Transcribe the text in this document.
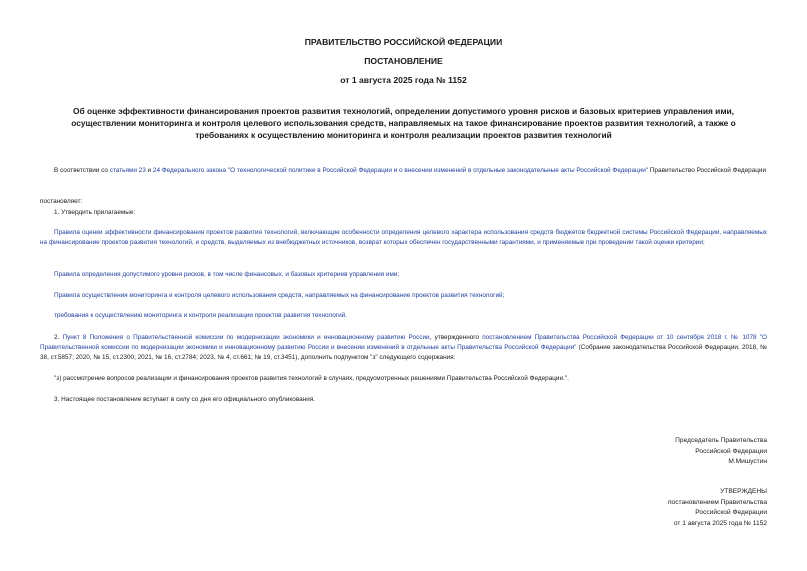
ПРАВИТЕЛЬСТВО РОССИЙСКОЙ ФЕДЕРАЦИИ
ПОСТАНОВЛЕНИЕ
от 1 августа 2025 года № 1152
Об оценке эффективности финансирования проектов развития технологий, определении допустимого уровня рисков и базовых критериев управления ими,
осуществлении мониторинга и контроля целевого использования средств, направляемых на такое финансирование проектов развития технологий, а также о
требованиях к осуществлению мониторинга и контроля реализации проектов развития технологий
В соответствии со статьями 23 и 24 Федерального закона "О технологической политике в Российской Федерации и о внесении изменений в отдельные законодательные акты Российской Федерации" Правительство Российской Федерации
постановляет:
1. Утвердить прилагаемые:
Правила оценки эффективности финансирования проектов развития технологий, включающие особенности определения целевого характера использования средств бюджетов бюджетной системы Российской Федерации, направляемых на финансирование проектов развития технологий, и средств, выделяемых из внебюджетных источников, возврат которых обеспечен государственными гарантиями, и применяемые при проведении такой оценки критерии;
Правила определения допустимого уровня рисков, в том числе финансовых, и базовых критериев управления ими;
Правила осуществления мониторинга и контроля целевого использования средств, направляемых на финансирование проектов развития технологий;
требования к осуществлению мониторинга и контроля реализации проектов развития технологий.
2. Пункт 8 Положения о Правительственной комиссии по модернизации экономики и инновационному развитию России, утвержденного постановлением Правительства Российской Федерации от 10 сентября 2018 г. № 1078 "О Правительственной комиссии по модернизации экономики и инновационному развитию России и внесении изменений в отдельные акты Правительства Российской Федерации" (Собрание законодательства Российской Федерации, 2018, № 38, ст.5857; 2020, № 15, ст.2300; 2021, № 16, ст.2784; 2023, № 4, ст.661; № 19, ст.3451), дополнить подпунктом "з" следующего содержания:
"з) рассмотрение вопросов реализации и финансирования проектов развития технологий в случаях, предусмотренных решениями Правительства Российской Федерации.".
3. Настоящее постановление вступает в силу со дня его официального опубликования.
Председатель Правительства
Российской Федерации
М.Мишустин
УТВЕРЖДЕНЫ
постановлением Правительства
Российской Федерации
от 1 августа 2025 года № 1152
